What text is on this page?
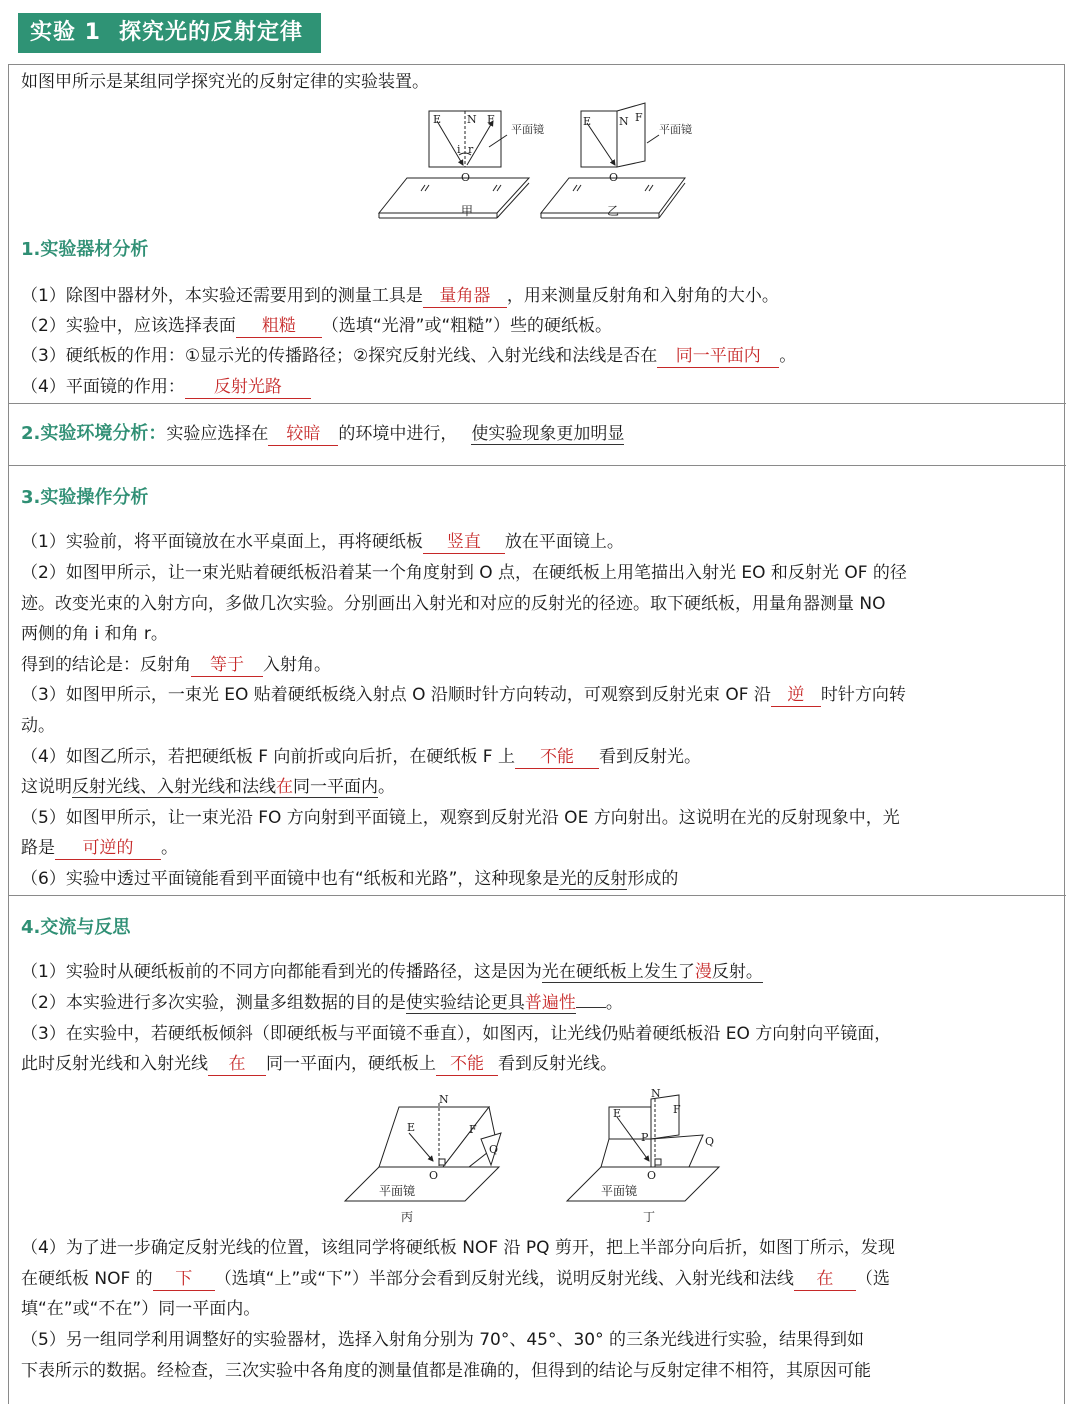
实验 1 探究光的反射定律
如图甲所示是某组同学探究光的反射定律的实验装置。
E N F
i r
O
平面镜
甲
E	N F
O
平面镜
乙
1.实验器材分析
（1）除图中器材外，本实验还需要用到的测量工具是 量角器 ，用来测量反射角和入射角的大小。
（2）实验中，应该选择表面 粗糙 （选填“光滑”或“粗糙”）些的硬纸板。
（3）硬纸板的作用：①显示光的传播路径；②探究反射光线、入射光线和法线是否在 同一平面内 。
（4）平面镜的作用： 反射光路
2.实验环境分析：实验应选择在 较暗 的环境中进行， 使实验现象更加明显
3.实验操作分析
（1）实验前，将平面镜放在水平桌面上，再将硬纸板 竖直 放在平面镜上。
（2）如图甲所示，让一束光贴着硬纸板沿着某一个角度射到 O 点，在硬纸板上用笔描出入射光 EO 和反射光 OF 的径
迹。改变光束的入射方向，多做几次实验。分别画出入射光和对应的反射光的径迹。取下硬纸板，用量角器测量 NO
两侧的角 i 和角 r。
得到的结论是：反射角 等于 入射角。
（3）如图甲所示，一束光 EO 贴着硬纸板绕入射点 O 沿顺时针方向转动，可观察到反射光束 OF 沿 逆 时针方向转
动。
（4）如图乙所示，若把硬纸板 F 向前折或向后折，在硬纸板 F 上 不能 看到反射光。
这说明反射光线、入射光线和法线在同一平面内。
（5）如图甲所示，让一束光沿 FO 方向射到平面镜上，观察到反射光沿 OE 方向射出。这说明在光的反射现象中，光
路是 可逆的 。
（6）实验中透过平面镜能看到平面镜中也有“纸板和光路”，这种现象是光的反射形成的
4.交流与反思
（1）实验时从硬纸板前的不同方向都能看到光的传播路径，这是因为光在硬纸板上发生了漫反射。
（2）本实验进行多次实验，测量多组数据的目的是使实验结论更具普遍性 。
（3）在实验中，若硬纸板倾斜（即硬纸板与平面镜不垂直），如图丙，让光线仍贴着硬纸板沿 EO 方向射向平镜面，
此时反射光线和入射光线 在 同一平面内，硬纸板上 不能 看到反射光线。
N
E	F
Q
O
平面镜
丙
N
E	F
P	Q
O
平面镜
丁
（4）为了进一步确定反射光线的位置，该组同学将硬纸板 NOF 沿 PQ 剪开，把上半部分向后折，如图丁所示，发现
在硬纸板 NOF 的 下 （选填“上”或“下”）半部分会看到反射光线，说明反射光线、入射光线和法线 在 （选
填“在”或“不在”）同一平面内。
（5）另一组同学利用调整好的实验器材，选择入射角分别为 70°、45°、30° 的三条光线进行实验，结果得到如
下表所示的数据。经检查，三次实验中各角度的测量值都是准确的，但得到的结论与反射定律不相符，其原因可能
